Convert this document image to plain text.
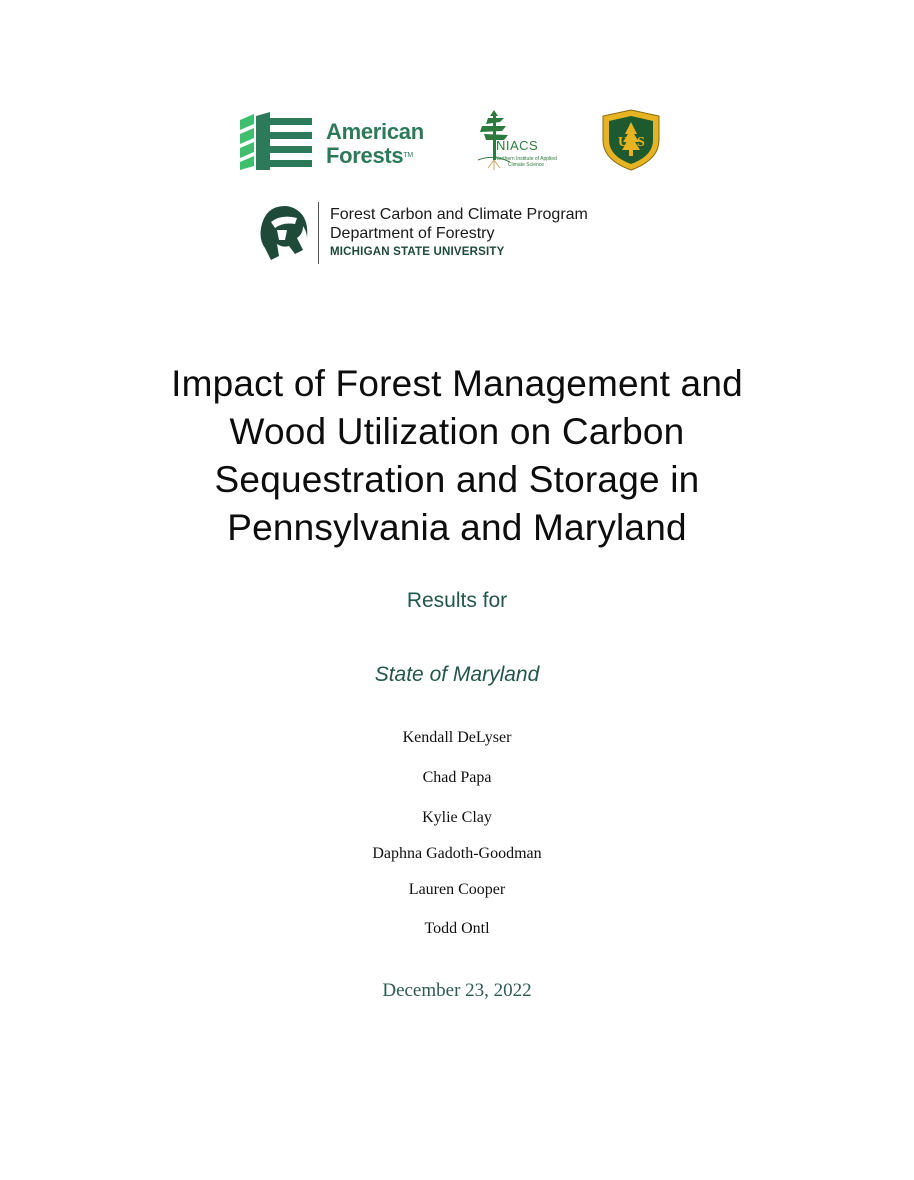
American
Forests™
NIACS
Northern Institute of Applied Climate Science
U S
Forest Carbon and Climate Program
Department of Forestry
MICHIGAN STATE UNIVERSITY
Impact of Forest Management and
Wood Utilization on Carbon
Sequestration and Storage in
Pennsylvania and Maryland
Results for
State of Maryland
Kendall DeLyser
Chad Papa
Kylie Clay
Daphna Gadoth-Goodman
Lauren Cooper
Todd Ontl
December 23, 2022
